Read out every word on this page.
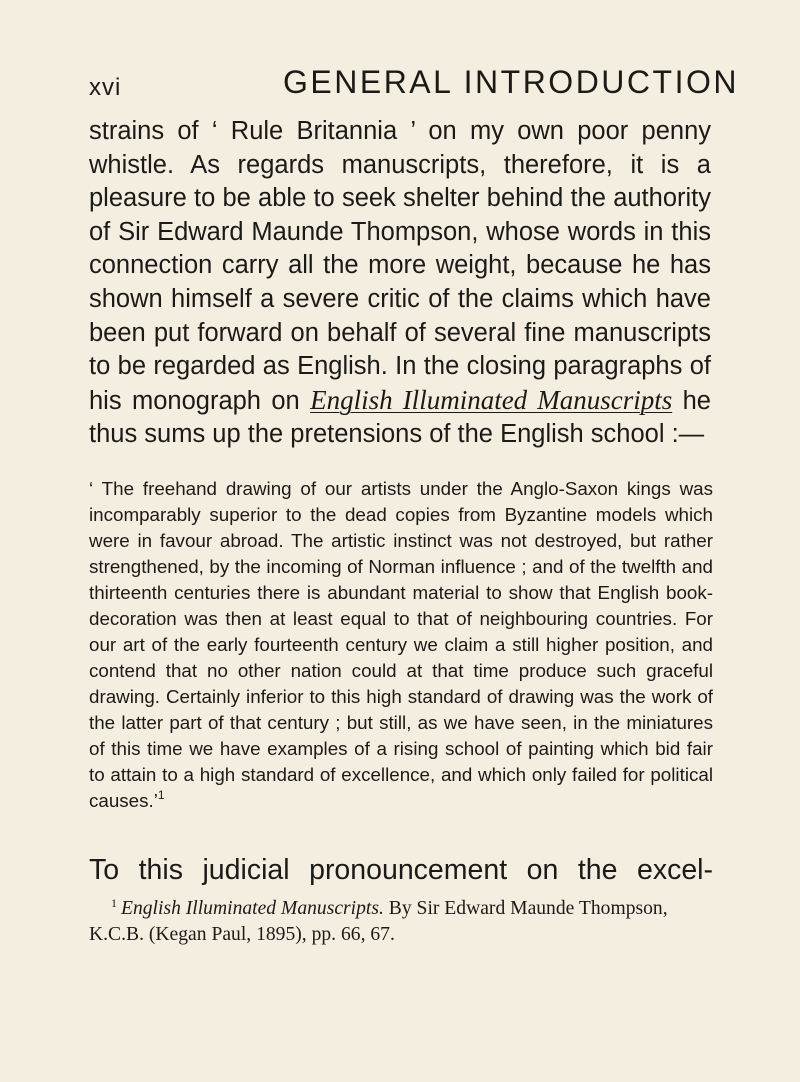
xvi	GENERAL INTRODUCTION

strains of ‘ Rule Britannia ’ on my own poor penny whistle. As regards manuscripts, therefore, it is a pleasure to be able to seek shelter behind the authority of Sir Edward Maunde Thompson, whose words in this connection carry all the more weight, because he has shown himself a severe critic of the claims which have been put forward on behalf of several fine manuscripts to be regarded as English. In the closing paragraphs of his monograph on English Illuminated Manuscripts he thus sums up the pretensions of the English school :—

‘ The freehand drawing of our artists under the Anglo-Saxon kings was incomparably superior to the dead copies from Byzantine models which were in favour abroad. The artistic instinct was not destroyed, but rather strengthened, by the incoming of Norman influence ; and of the twelfth and thirteenth centuries there is abundant material to show that English book-decoration was then at least equal to that of neighbouring countries. For our art of the early fourteenth century we claim a still higher position, and contend that no other nation could at that time produce such graceful drawing. Certainly inferior to this high standard of drawing was the work of the latter part of that century ; but still, as we have seen, in the miniatures of this time we have examples of a rising school of painting which bid fair to attain to a high standard of excellence, and which only failed for political causes.’$^1$

To this judicial pronouncement on the excel-

$^1$ English Illuminated Manuscripts. By Sir Edward Maunde Thompson, K.C.B. (Kegan Paul, 1895), pp. 66, 67.
